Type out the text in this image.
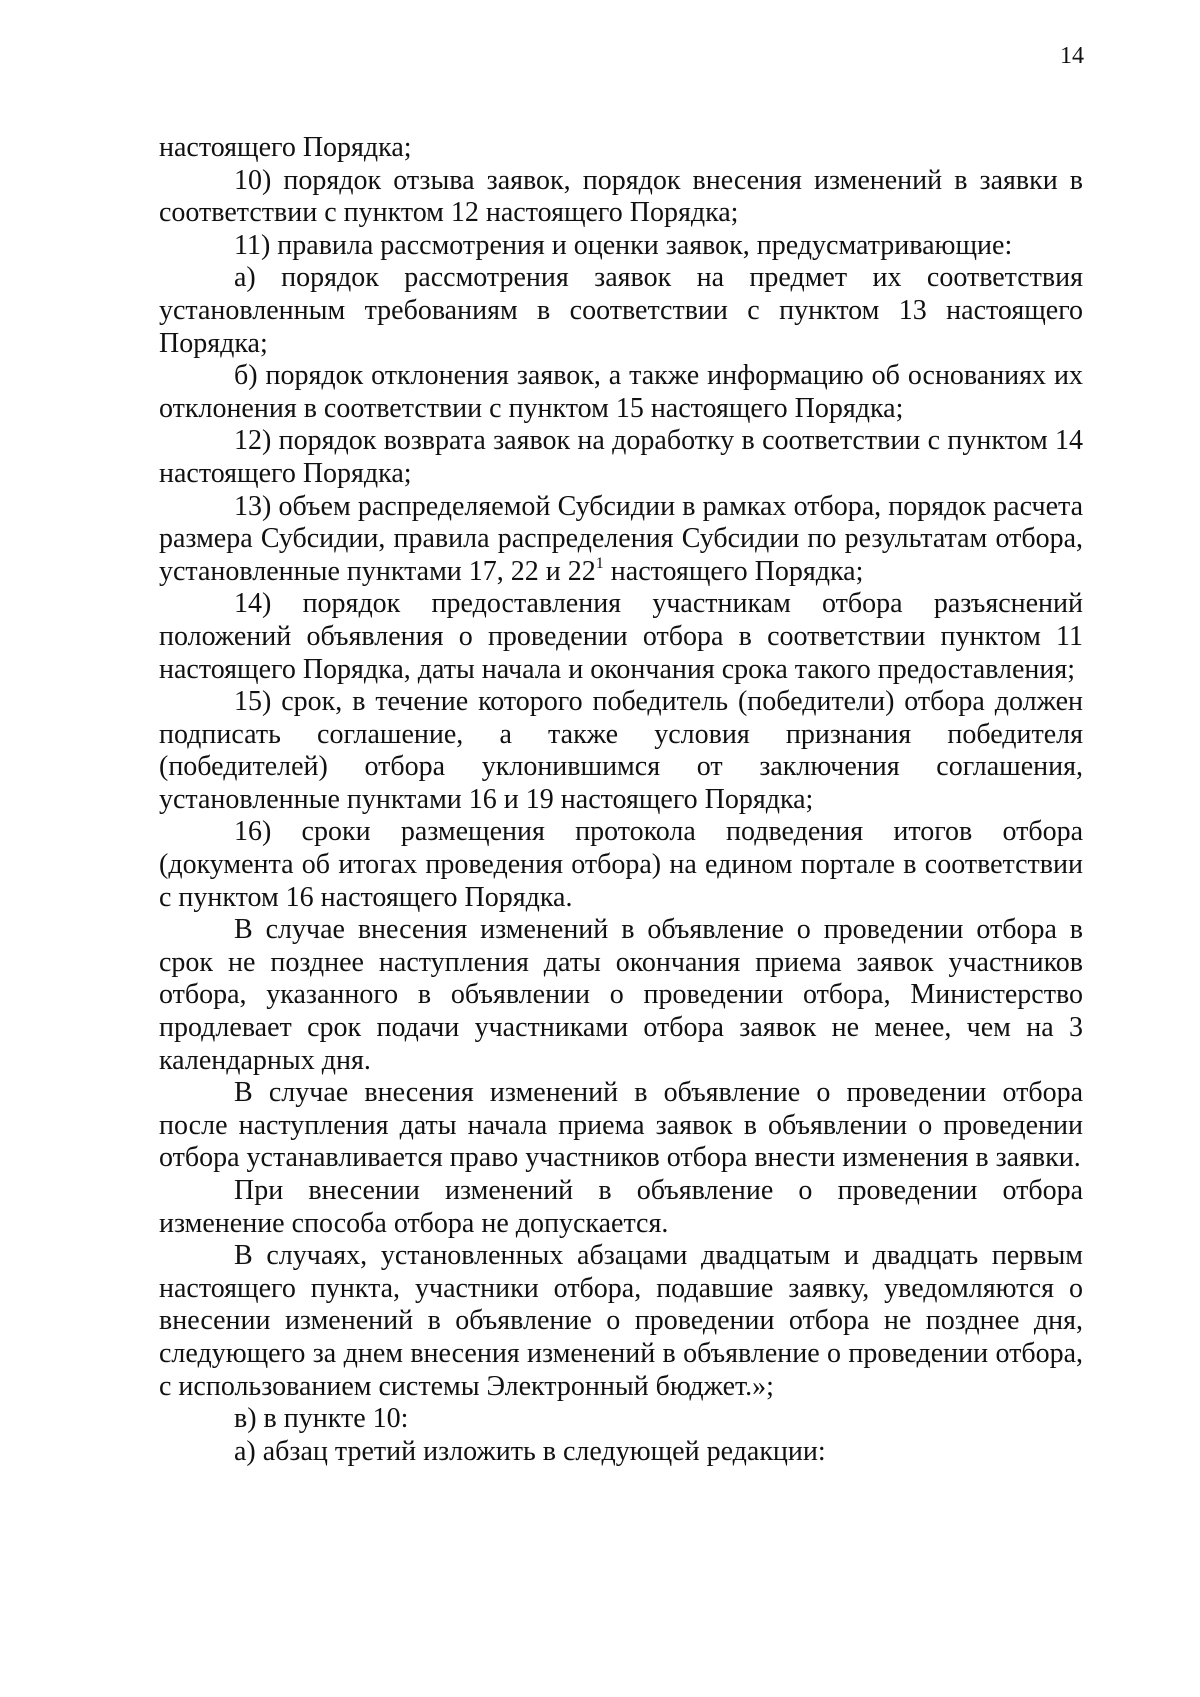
14

настоящего Порядка;

10) порядок отзыва заявок, порядок внесения изменений в заявки в соответствии с пунктом 12 настоящего Порядка;

11) правила рассмотрения и оценки заявок, предусматривающие:

а) порядок рассмотрения заявок на предмет их соответствия установленным требованиям в соответствии с пунктом 13 настоящего Порядка;

б) порядок отклонения заявок, а также информацию об основаниях их отклонения в соответствии с пунктом 15 настоящего Порядка;

12) порядок возврата заявок на доработку в соответствии с пунктом 14 настоящего Порядка;

13) объем распределяемой Субсидии в рамках отбора, порядок расчета размера Субсидии, правила распределения Субсидии по результатам отбора, установленные пунктами 17, 22 и $22^1$ настоящего Порядка;

14) порядок предоставления участникам отбора разъяснений положений объявления о проведении отбора в соответствии пунктом 11 настоящего Порядка, даты начала и окончания срока такого предоставления;

15) срок, в течение которого победитель (победители) отбора должен подписать соглашение, а также условия признания победителя (победителей) отбора уклонившимся от заключения соглашения, установленные пунктами 16 и 19 настоящего Порядка;

16) сроки размещения протокола подведения итогов отбора (документа об итогах проведения отбора) на едином портале в соответствии с пунктом 16 настоящего Порядка.

В случае внесения изменений в объявление о проведении отбора в срок не позднее наступления даты окончания приема заявок участников отбора, указанного в объявлении о проведении отбора, Министерство продлевает срок подачи участниками отбора заявок не менее, чем на 3 календарных дня.

В случае внесения изменений в объявление о проведении отбора после наступления даты начала приема заявок в объявлении о проведении отбора устанавливается право участников отбора внести изменения в заявки.

При внесении изменений в объявление о проведении отбора изменение способа отбора не допускается.

В случаях, установленных абзацами двадцатым и двадцать первым настоящего пункта, участники отбора, подавшие заявку, уведомляются о внесении изменений в объявление о проведении отбора не позднее дня, следующего за днем внесения изменений в объявление о проведении отбора, с использованием системы Электронный бюджет.»;

в) в пункте 10:

а) абзац третий изложить в следующей редакции:
